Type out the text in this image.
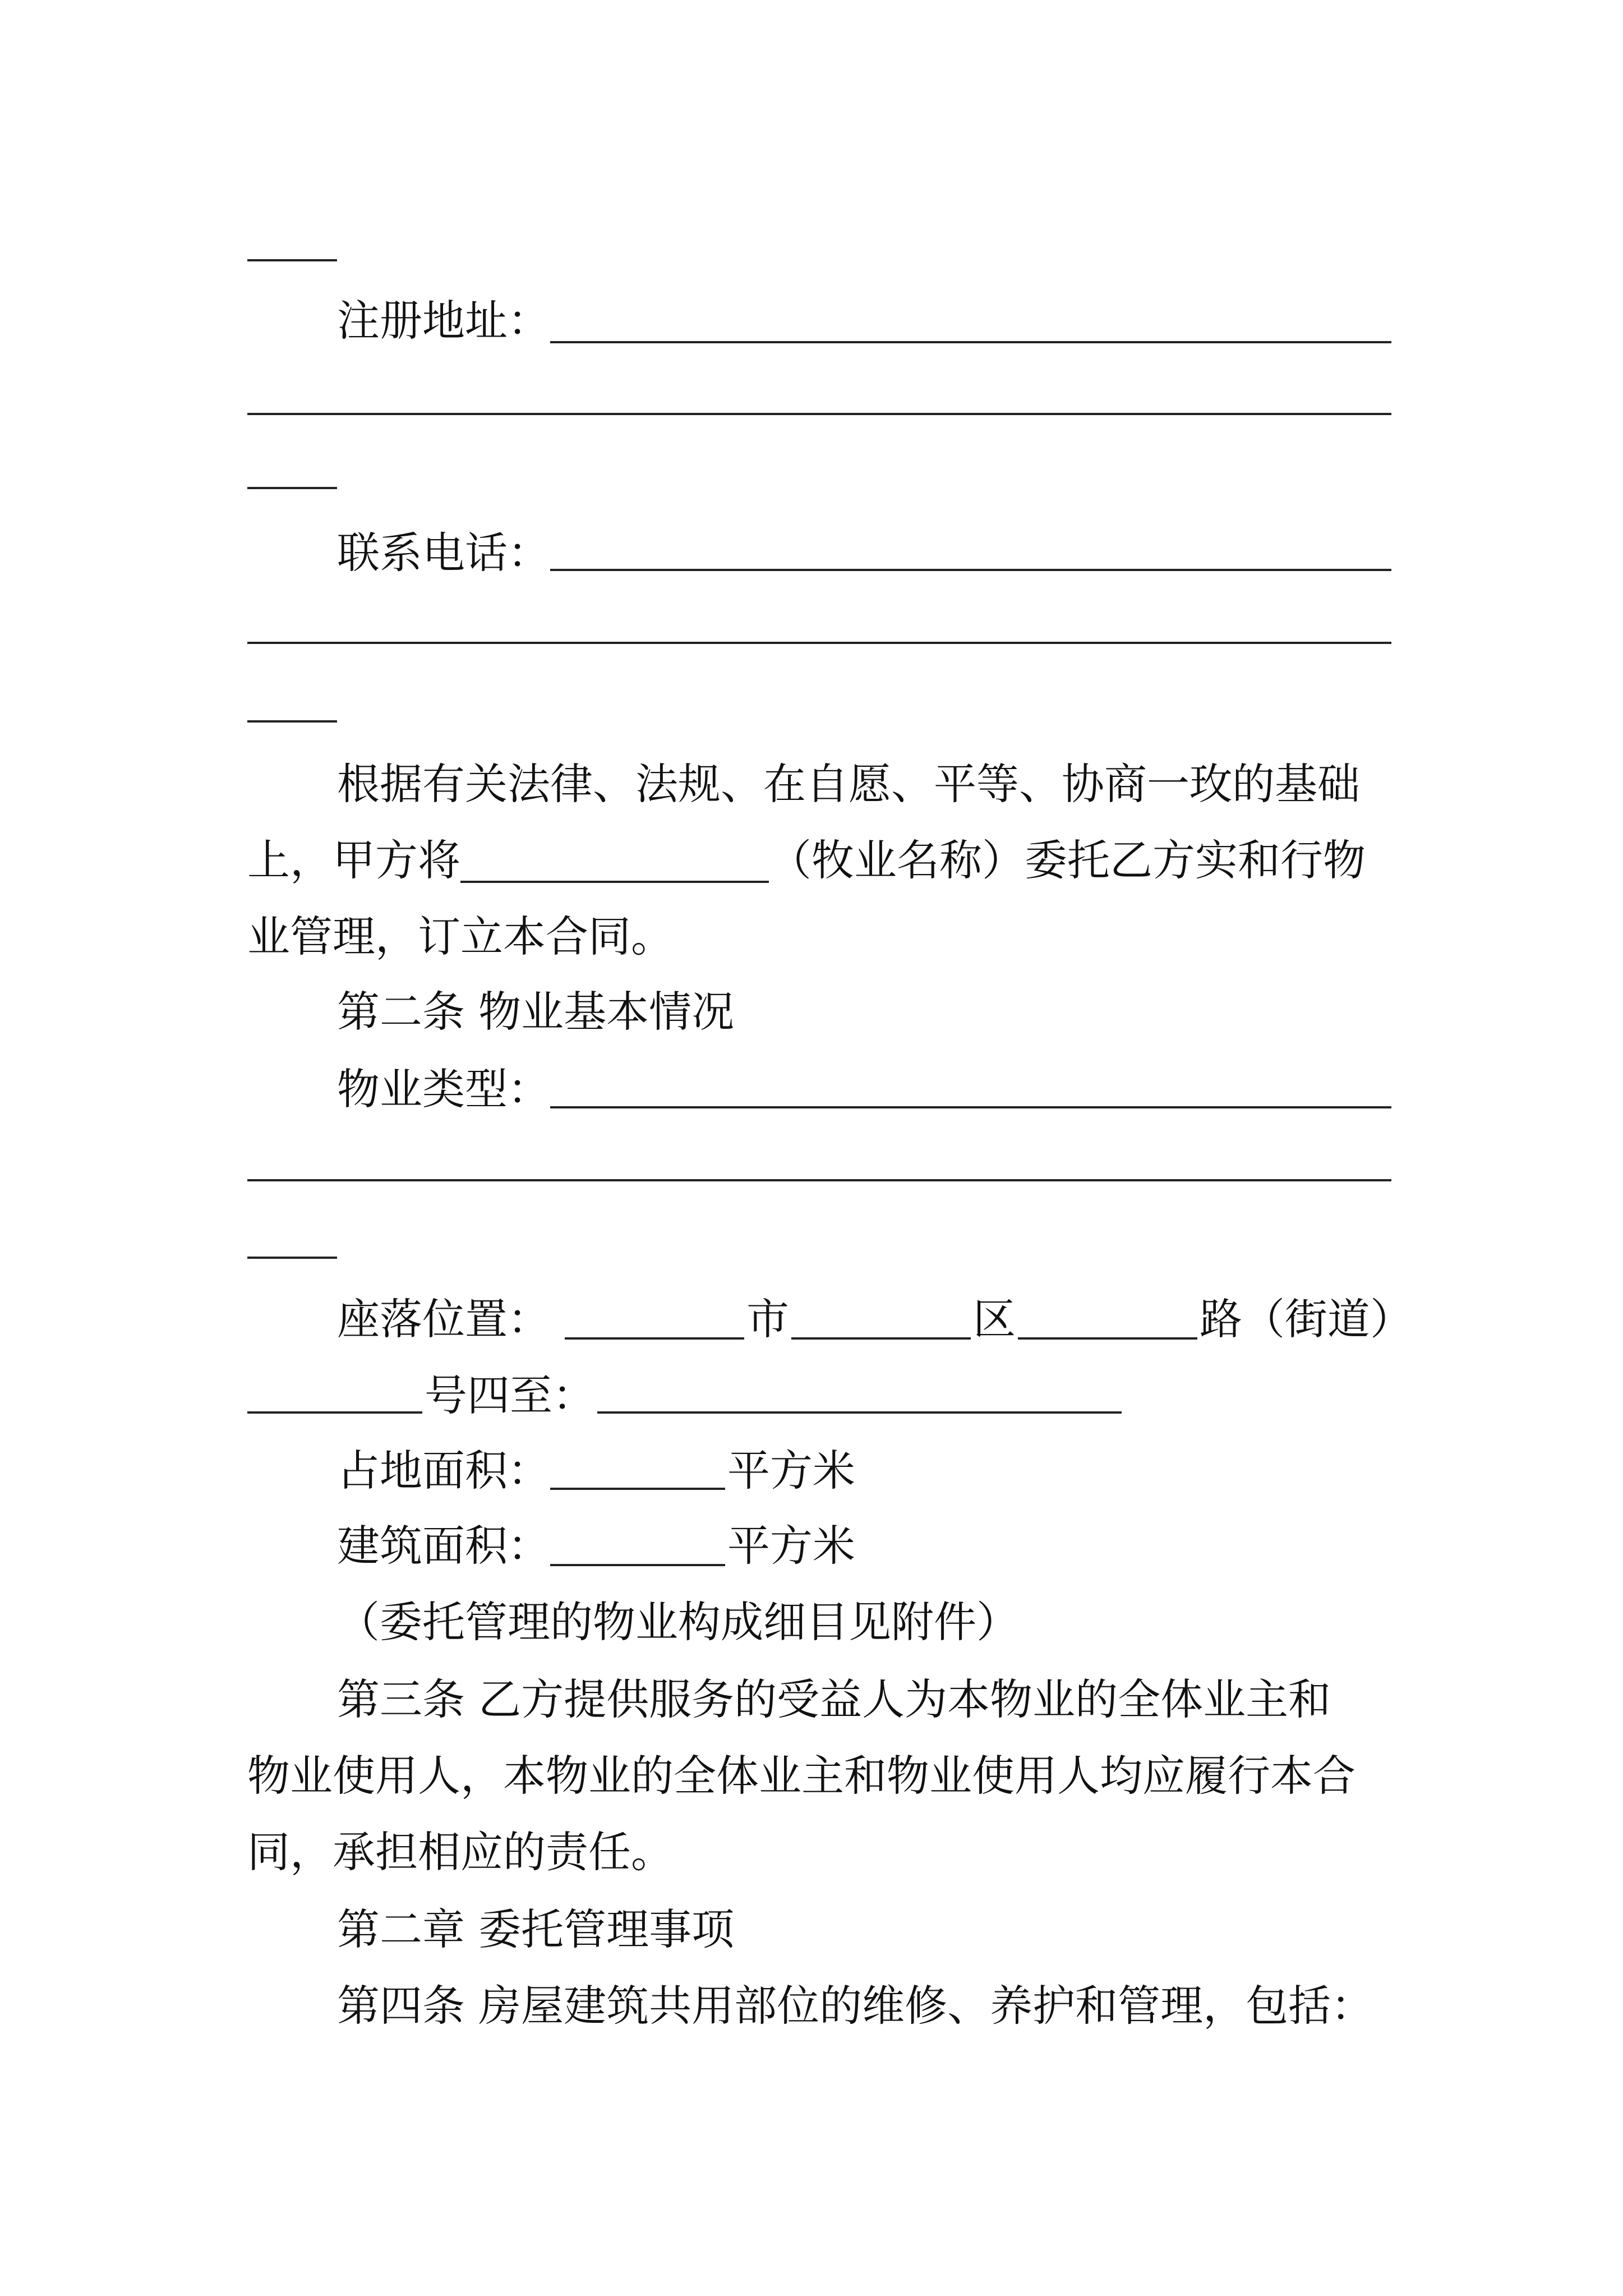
注册地址：
联系电话：
根据有关法律、法规、在自愿、平等、协商一玫的基础
上，甲方将	（牧业名称）委托乙方实和行物
业管理，订立本合同。
第二条 物业基本情况
物业类型：
座落位置：	市	区	路（街道）
号四至：
占地面积：	平方米
建筑面积：	平方米
（委托管理的物业构成细目见附件）
第三条 乙方提供服务的受益人为本物业的全体业主和
物业使用人，本物业的全体业主和物业使用人均应履行本合
同，承担相应的责任。
第二章 委托管理事项
第四条 房屋建筑共用部位的维修、养护和管理，包括：
